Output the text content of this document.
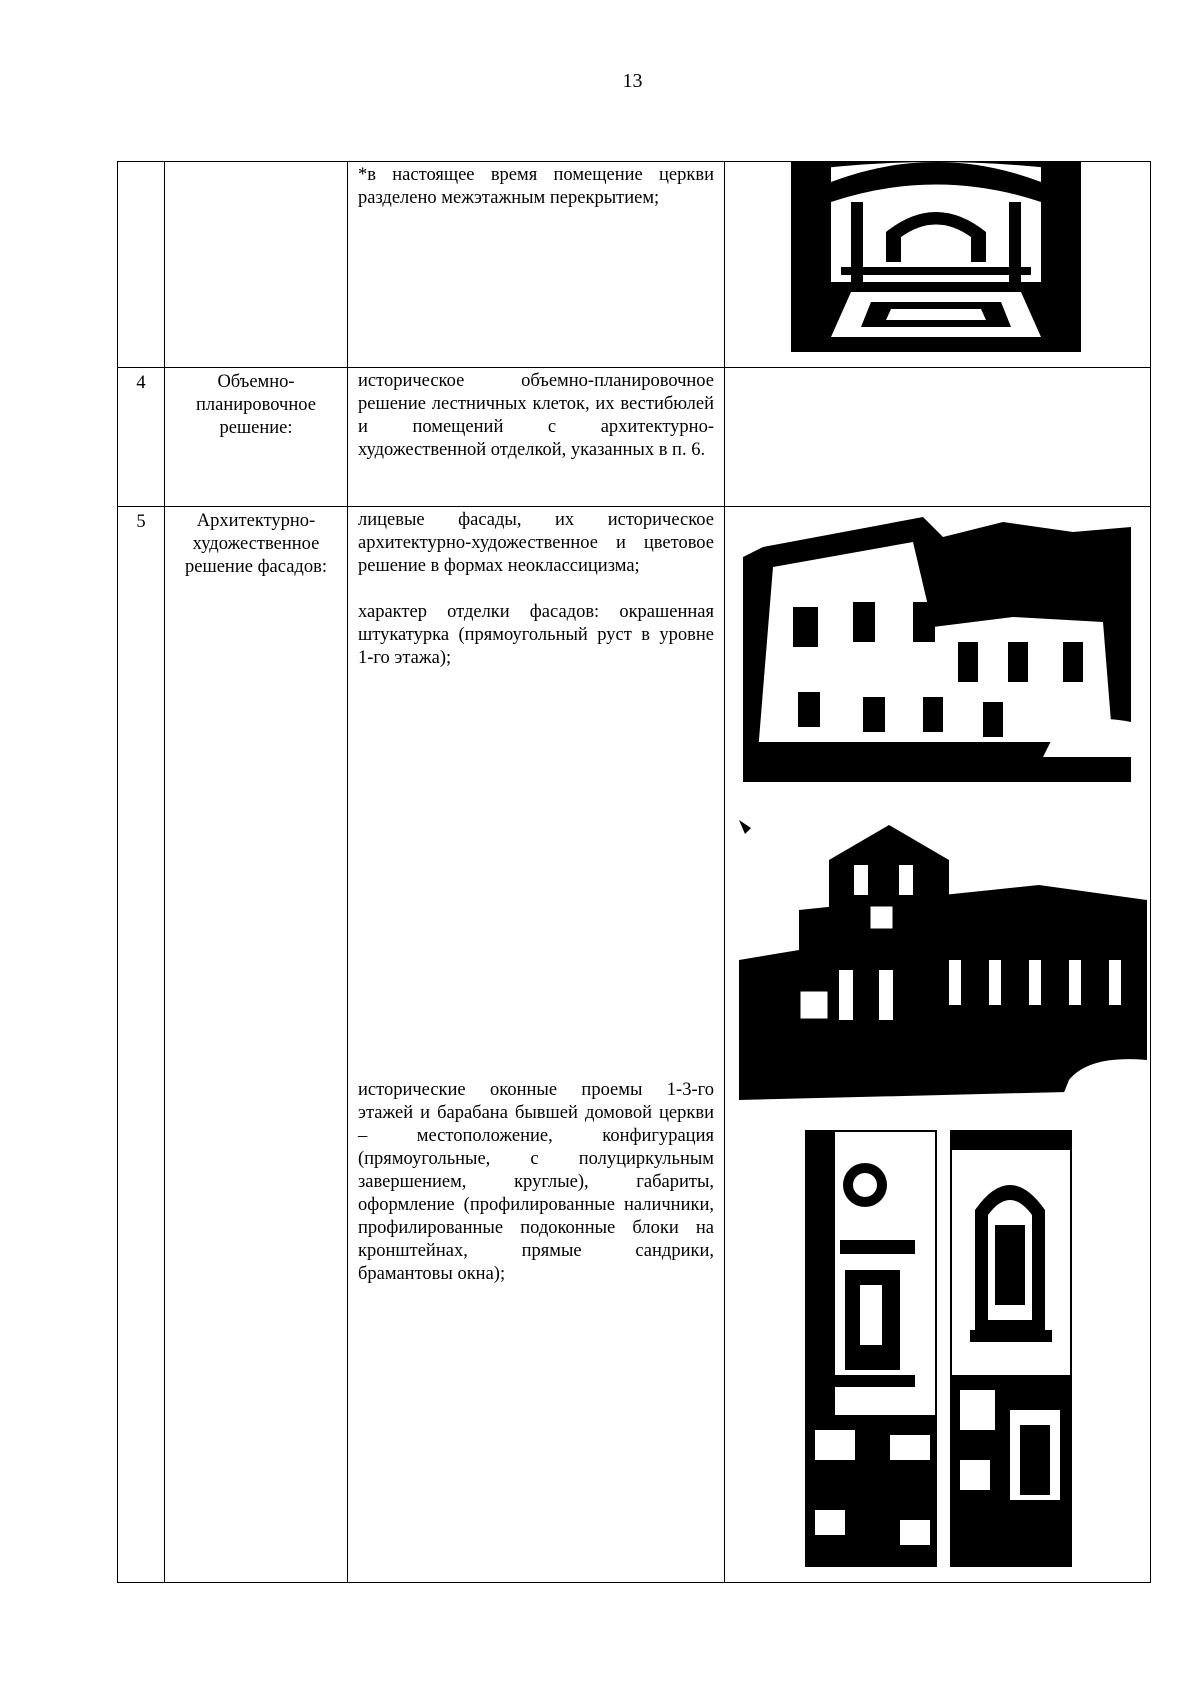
13

		*в настоящее время помещение церкви разделено межэтажным перекрытием;

4	Объемно-планировочное решение:	историческое объемно-планировочное решение лестничных клеток, их вестибюлей и помещений с архитектурно-художественной отделкой, указанных в п. 6.	

5	Архитектурно-художественное решение фасадов:	лицевые фасады, их историческое архитектурно-художественное и цветовое решение в формах неоклассицизма;

характер отделки фасадов: окрашенная штукатурка (прямоугольный руст в уровне 1-го этажа);

исторические оконные проемы 1-3-го этажей и барабана бывшей домовой церкви – местоположение, конфигурация (прямоугольные, с полуциркульным завершением, круглые), габариты, оформление (профилированные наличники, профилированные подоконные блоки на кронштейнах, прямые сандрики, брамантовы окна);
